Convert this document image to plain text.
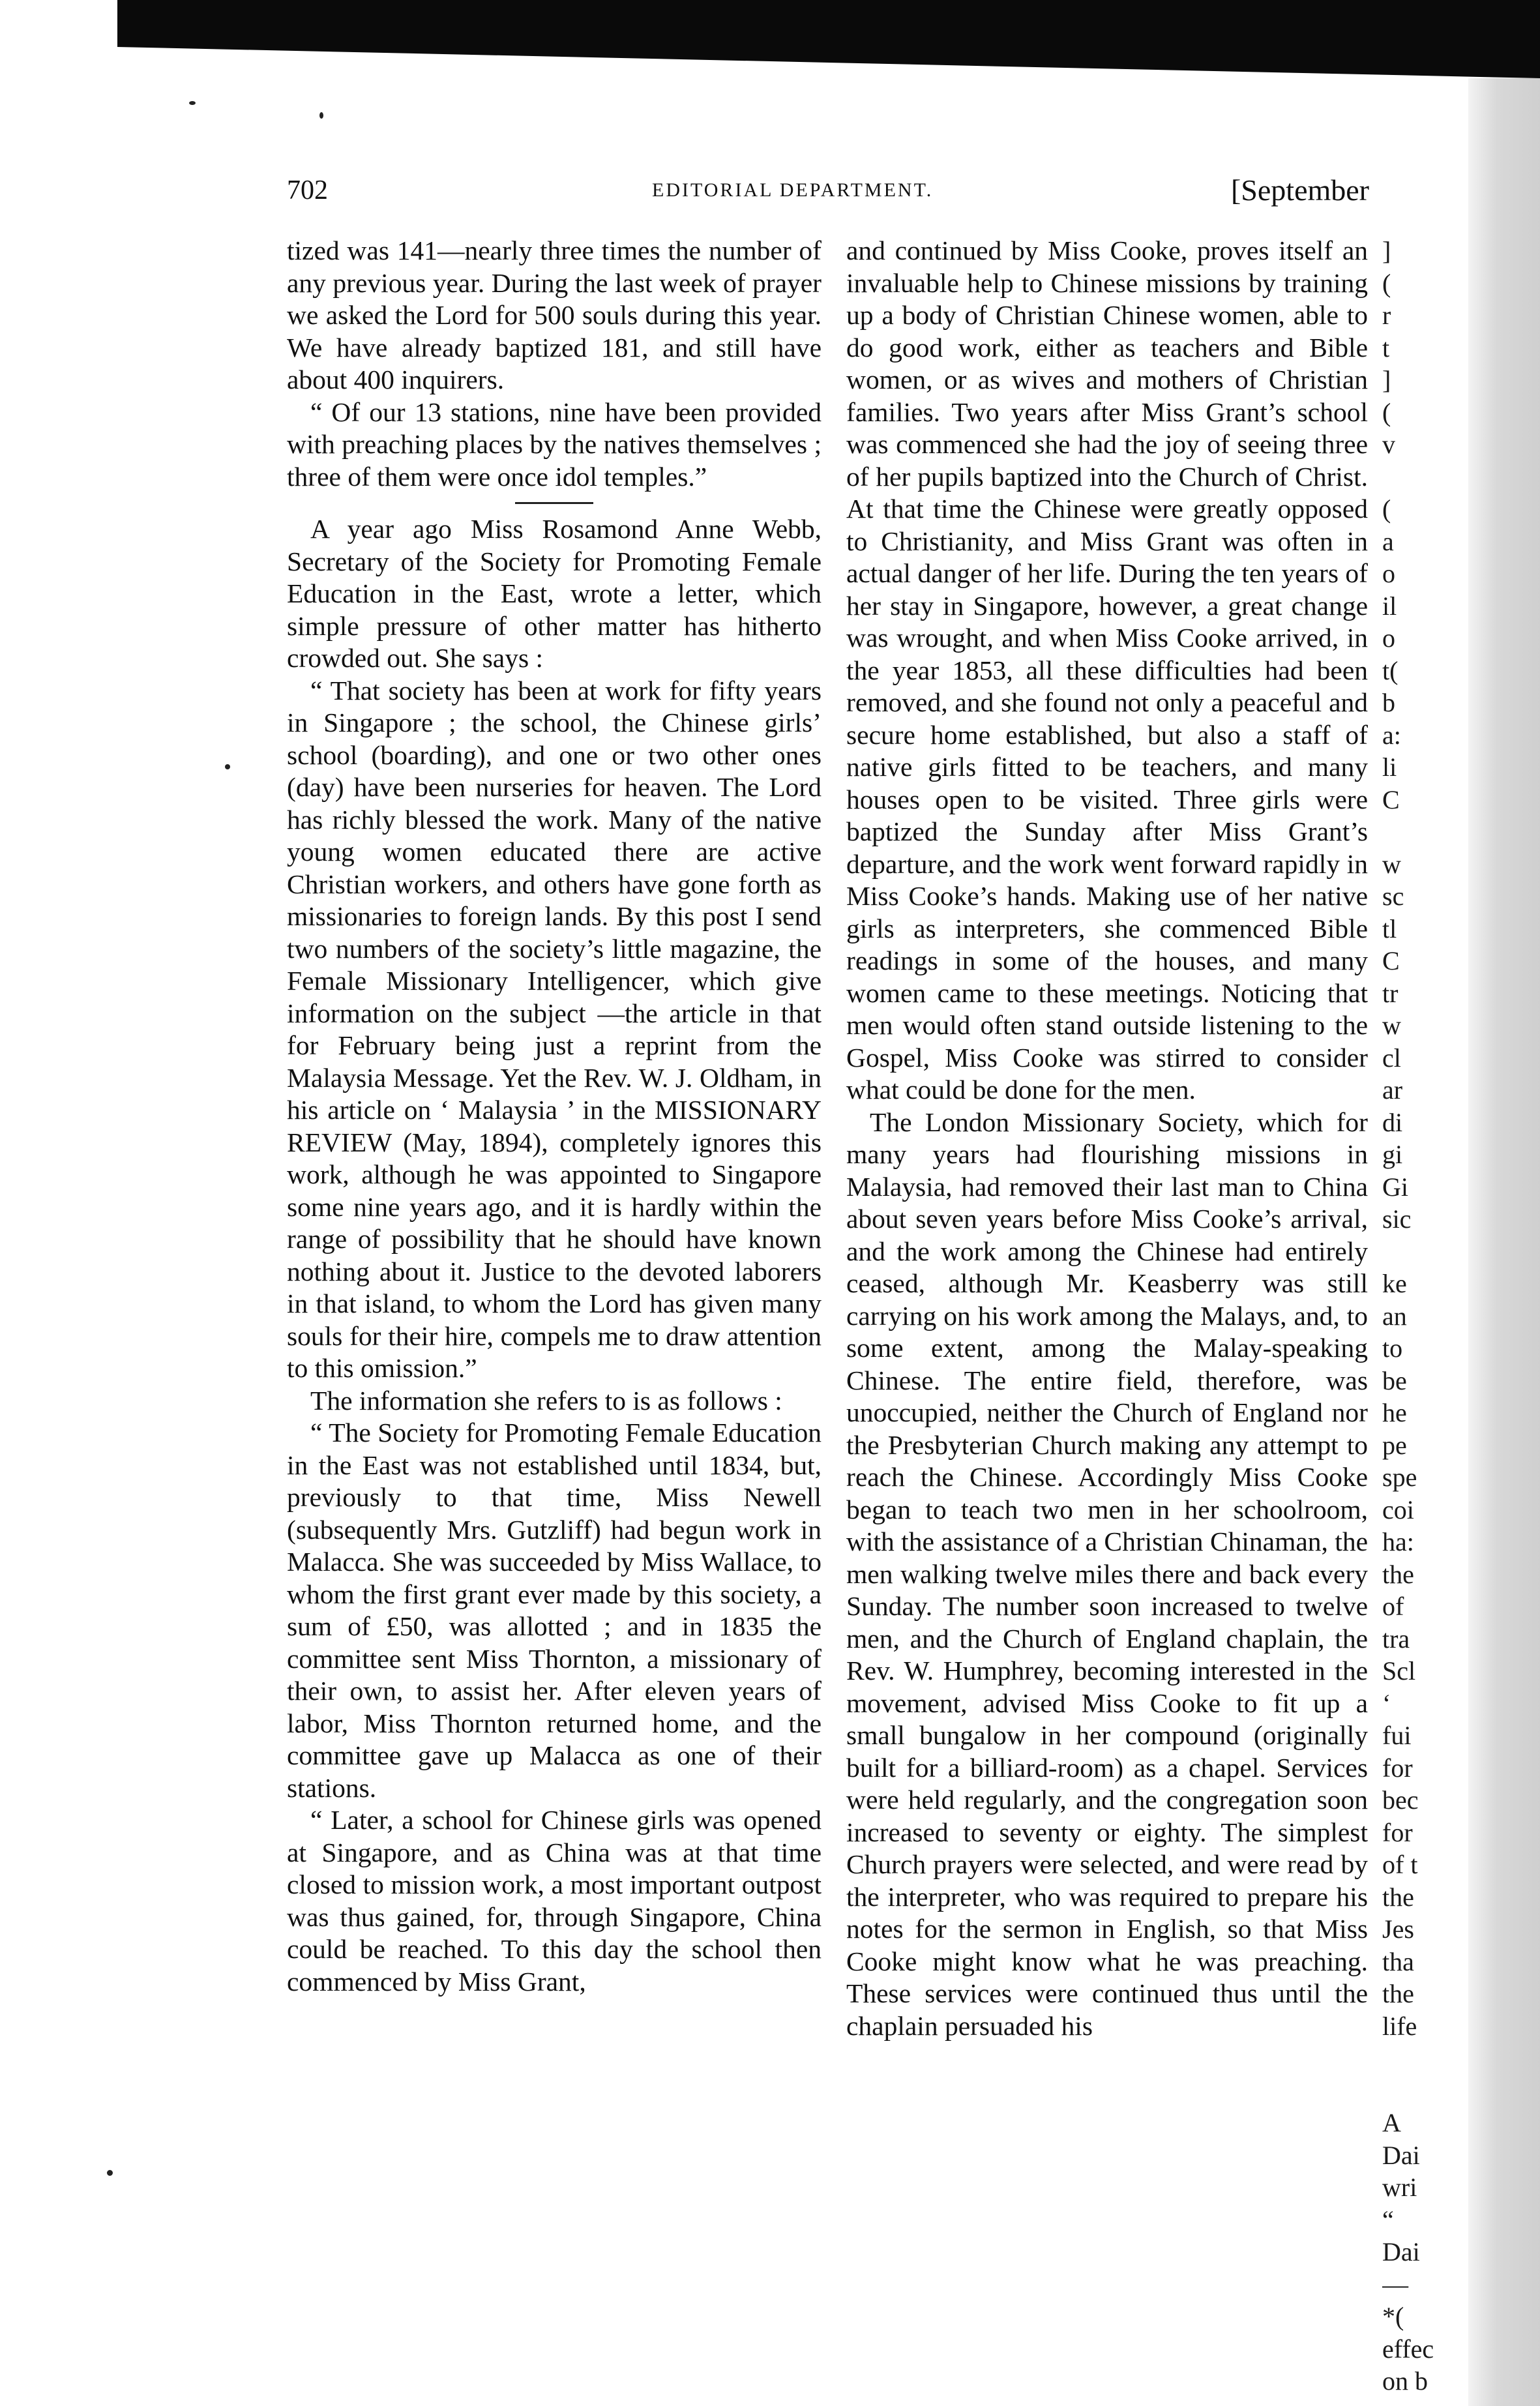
702	EDITORIAL DEPARTMENT.	[September

tized was 141—nearly three times the number of any previous year. During the last week of prayer we asked the Lord for 500 souls during this year. We have already baptized 181, and still have about 400 inquirers.

“ Of our 13 stations, nine have been provided with preaching places by the natives themselves ; three of them were once idol temples.”

A year ago Miss Rosamond Anne Webb, Secretary of the Society for Promoting Female Education in the East, wrote a letter, which simple pressure of other matter has hitherto crowded out. She says :

“ That society has been at work for fifty years in Singapore ; the school, the Chinese girls’ school (boarding), and one or two other ones (day) have been nurseries for heaven. The Lord has richly blessed the work. Many of the native young women educated there are active Christian workers, and others have gone forth as missionaries to foreign lands. By this post I send two numbers of the society’s little magazine, the Female Missionary Intelligencer, which give information on the subject —the article in that for February being just a reprint from the Malaysia Message. Yet the Rev. W. J. Oldham, in his article on ‘ Malaysia ’ in the MISSIONARY REVIEW (May, 1894), completely ignores this work, although he was appointed to Singapore some nine years ago, and it is hardly within the range of possibility that he should have known nothing about it. Justice to the devoted laborers in that island, to whom the Lord has given many souls for their hire, compels me to draw attention to this omission.”

The information she refers to is as follows :

“ The Society for Promoting Female Education in the East was not established until 1834, but, previously to that time, Miss Newell (subsequently Mrs. Gutzliff) had begun work in Malacca. She was succeeded by Miss Wallace, to whom the first grant ever made by this society, a sum of £50, was allotted ; and in 1835 the committee sent Miss Thornton, a missionary of their own, to assist her. After eleven years of labor, Miss Thornton returned home, and the committee gave up Malacca as one of their stations.

“ Later, a school for Chinese girls was opened at Singapore, and as China was at that time closed to mission work, a most important outpost was thus gained, for, through Singapore, China could be reached. To this day the school then commenced by Miss Grant,

and continued by Miss Cooke, proves itself an invaluable help to Chinese missions by training up a body of Christian Chinese women, able to do good work, either as teachers and Bible women, or as wives and mothers of Christian families. Two years after Miss Grant’s school was commenced she had the joy of seeing three of her pupils baptized into the Church of Christ. At that time the Chinese were greatly opposed to Christianity, and Miss Grant was often in actual danger of her life. During the ten years of her stay in Singapore, however, a great change was wrought, and when Miss Cooke arrived, in the year 1853, all these difficulties had been removed, and she found not only a peaceful and secure home established, but also a staff of native girls fitted to be teachers, and many houses open to be visited. Three girls were baptized the Sunday after Miss Grant’s departure, and the work went forward rapidly in Miss Cooke’s hands. Making use of her native girls as interpreters, she commenced Bible readings in some of the houses, and many women came to these meetings. Noticing that men would often stand outside listening to the Gospel, Miss Cooke was stirred to consider what could be done for the men.

The London Missionary Society, which for many years had flourishing missions in Malaysia, had removed their last man to China about seven years before Miss Cooke’s arrival, and the work among the Chinese had entirely ceased, although Mr. Keasberry was still carrying on his work among the Malays, and, to some extent, among the Malay-speaking Chinese. The entire field, therefore, was unoccupied, neither the Church of England nor the Presbyterian Church making any attempt to reach the Chinese. Accordingly Miss Cooke began to teach two men in her schoolroom, with the assistance of a Christian Chinaman, the men walking twelve miles there and back every Sunday. The number soon increased to twelve men, and the Church of England chaplain, the Rev. W. Humphrey, becoming interested in the movement, advised Miss Cooke to fit up a small bungalow in her compound (originally built for a billiard-room) as a chapel. Services were held regularly, and the congregation soon increased to seventy or eighty. The simplest Church prayers were selected, and were read by the interpreter, who was required to prepare his notes for the sermon in English, so that Miss Cooke might know what he was preaching. These services were continued thus until the chaplain persuaded his

]
(
r
t
]
(
v
(
a
o
il
o
t(
b
a:
li
C
w
sc
tl
C
tr
w
cl
ar
di
gi
Gi
sic
ke
an
to
be
he
pe
spe
coi
ha:
the
of
tra
Scl
‘
fui
for
bec
for
of t
the
Jes
tha
the
life
A
Dai
wri
“
Dai
—
*(
effec
on b
